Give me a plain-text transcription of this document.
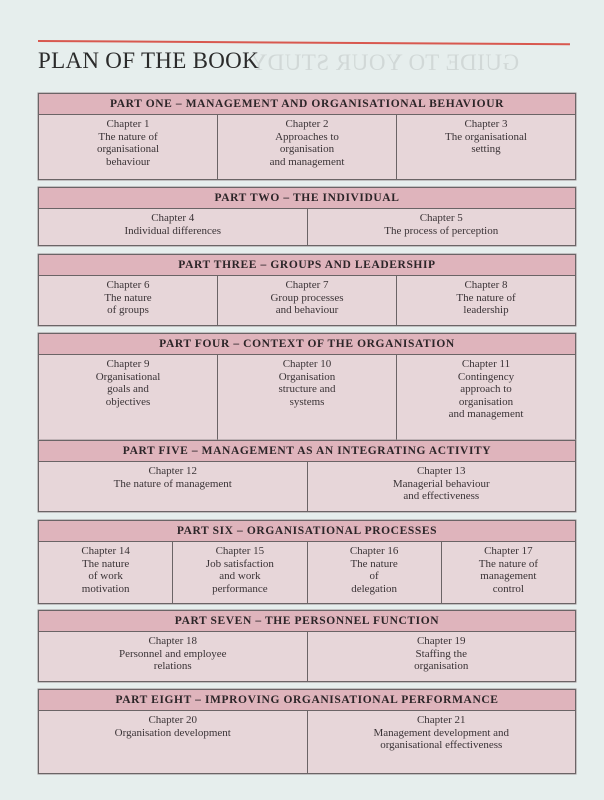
GUIDE TO YOUR STUDY
PLAN OF THE BOOK
PART ONE – MANAGEMENT AND ORGANISATIONAL BEHAVIOUR
Chapter 1
The nature of
organisational
behaviour
Chapter 2
Approaches to
organisation
and management
Chapter 3
The organisational
setting
PART TWO – THE INDIVIDUAL
Chapter 4
Individual differences
Chapter 5
The process of perception
PART THREE – GROUPS AND LEADERSHIP
Chapter 6
The nature
of groups
Chapter 7
Group processes
and behaviour
Chapter 8
The nature of
leadership
PART FOUR – CONTEXT OF THE ORGANISATION
Chapter 9
Organisational
goals and
objectives
Chapter 10
Organisation
structure and
systems
Chapter 11
Contingency
approach to
organisation
and management
PART FIVE – MANAGEMENT AS AN INTEGRATING ACTIVITY
Chapter 12
The nature of management
Chapter 13
Managerial behaviour
and effectiveness
PART SIX – ORGANISATIONAL PROCESSES
Chapter 14
The nature
of work
motivation
Chapter 15
Job satisfaction
and work
performance
Chapter 16
The nature
of
delegation
Chapter 17
The nature of
management
control
PART SEVEN – THE PERSONNEL FUNCTION
Chapter 18
Personnel and employee
relations
Chapter 19
Staffing the
organisation
PART EIGHT – IMPROVING ORGANISATIONAL PERFORMANCE
Chapter 20
Organisation development
Chapter 21
Management development and
organisational effectiveness
